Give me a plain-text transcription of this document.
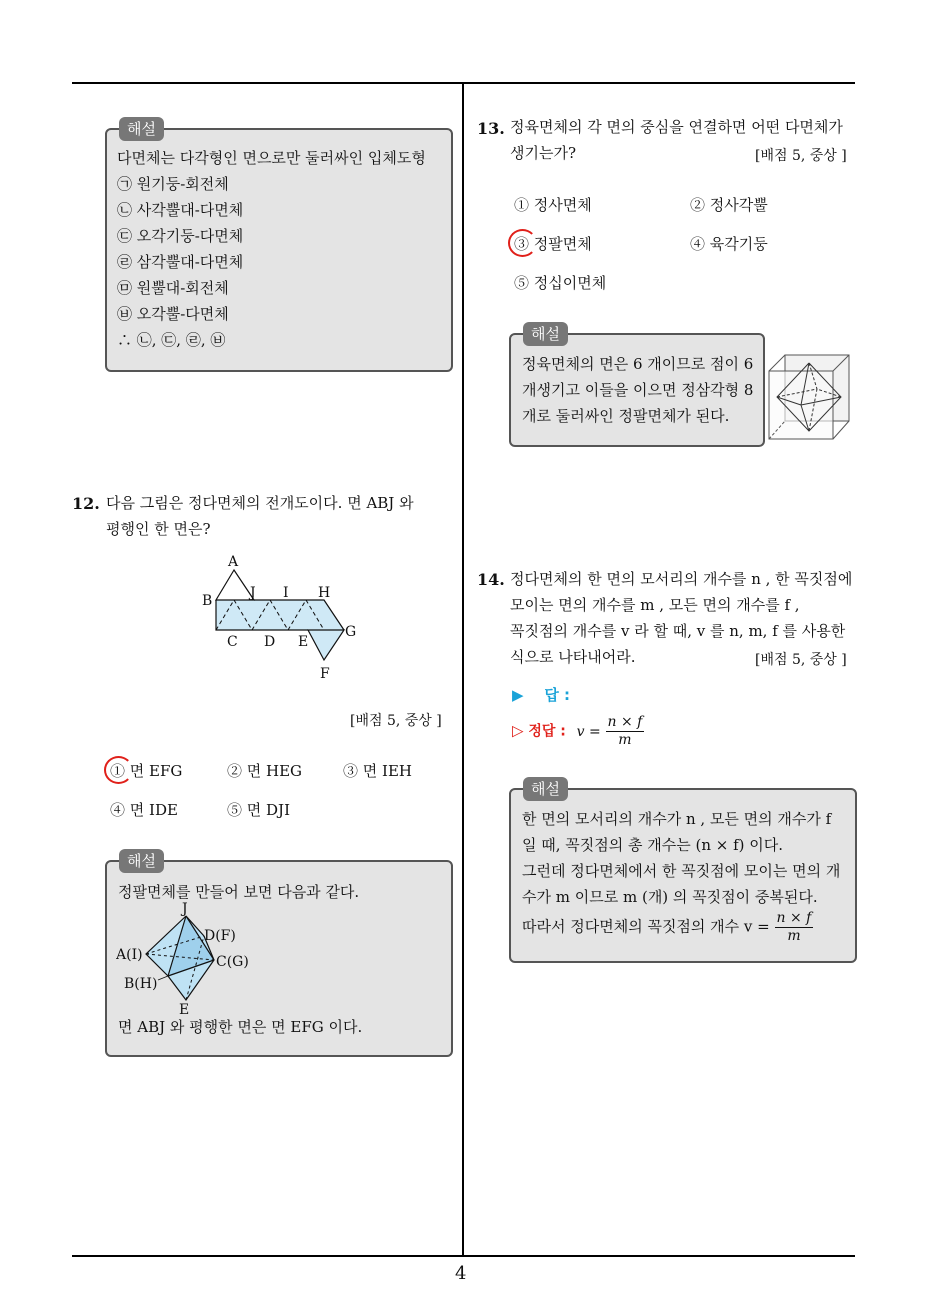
4
해설
다면체는 다각형인 면으로만 둘러싸인 입체도형
㉠ 원기둥-회전체
㉡ 사각뿔대-다면체
㉢ 오각기둥-다면체
㉣ 삼각뿔대-다면체
㉤ 원뿔대-회전체
㉥ 오각뿔-다면체
∴ ㉡, ㉢, ㉣, ㉥
12. 다음 그림은 정다면체의 전개도이다. 면 ABJ 와
평행인 한 면은?
A
B	J I H
C D E
G
F
[배점 5, 중상 ]
① 면 EFG	② 면 HEG	③ 면 IEH
④ 면 IDE	⑤ 면 DJI
해설
정팔면체를 만들어 보면 다음과 같다.
J
D(F)
A(I)	C(G)
B(H)
E
면 ABJ 와 평행한 면은 면 EFG 이다.
13. 정육면체의 각 면의 중심을 연결하면 어떤 다면체가
생기는가?	[배점 5, 중상 ]
① 정사면체	② 정사각뿔
③ 정팔면체	④ 육각기둥
⑤ 정십이면체
해설
정육면체의 면은 6 개이므로 점이 6
개생기고 이들을 이으면 정삼각형 8
개로 둘러싸인 정팔면체가 된다.
14. 정다면체의 한 면의 모서리의 개수를 n , 한 꼭짓점에
모이는 면의 개수를 m , 모든 면의 개수를 f ,
꼭짓점의 개수를 v 라 할 때, v 를 n, m, f 를 사용한
식으로 나타내어라.	[배점 5, 중상 ]
▶ 답 :
▷ 정답 : $v = \frac{n \times f}{m}$
해설
한 면의 모서리의 개수가 n , 모든 면의 개수가 f
일 때, 꼭짓점의 총 개수는 (n × f) 이다.
그런데 정다면체에서 한 꼭짓점에 모이는 면의 개
수가 m 이므로 m (개) 의 꼭짓점이 중복된다.
따라서 정다면체의 꼭짓점의 개수 $v = \frac{n \times f}{m}$
